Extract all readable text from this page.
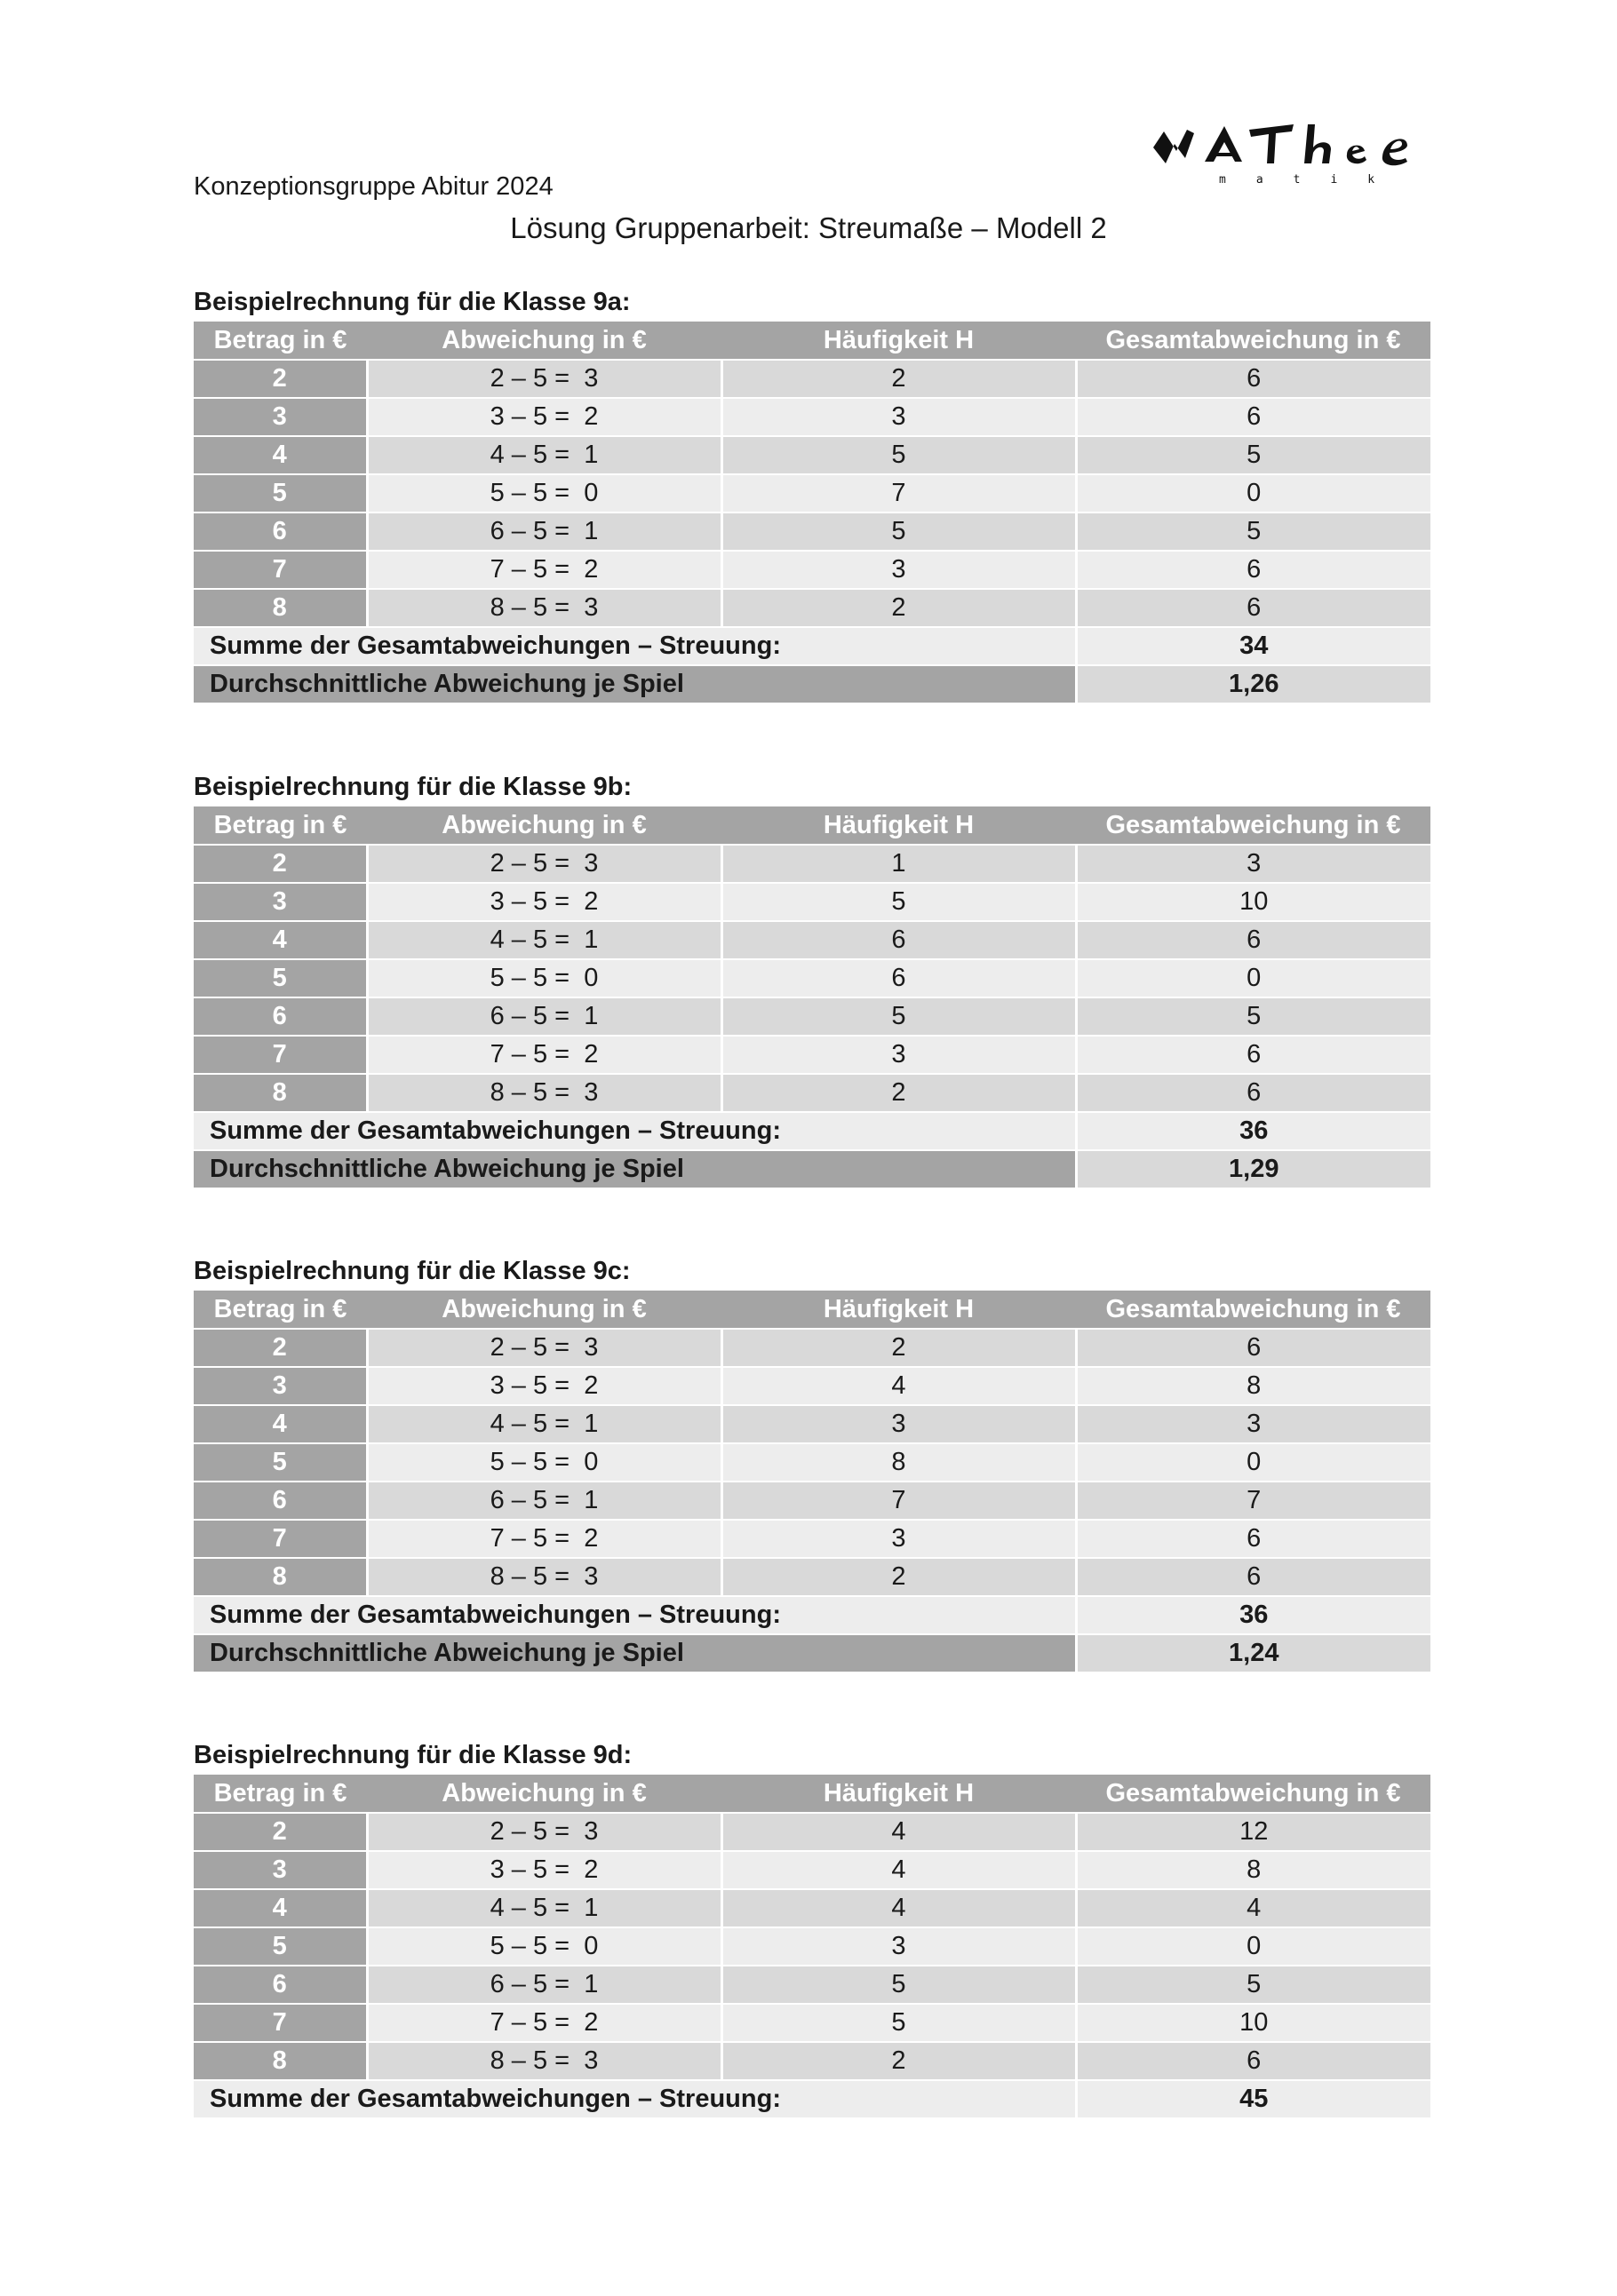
Konzeptionsgruppe Abitur 2024	matik
Lösung Gruppenarbeit: Streumaße – Modell 2
Beispielrechnung für die Klasse 9a:
Betrag in €	Abweichung in €	Häufigkeit H	Gesamtabweichung in €
2	2 – 5 =  3	2	6
3	3 – 5 =  2	3	6
4	4 – 5 =  1	5	5
5	5 – 5 =  0	7	0
6	6 – 5 =  1	5	5
7	7 – 5 =  2	3	6
8	8 – 5 =  3	2	6
Summe der Gesamtabweichungen – Streuung:			34
Durchschnittliche Abweichung je Spiel			1,26
Beispielrechnung für die Klasse 9b:
Betrag in €	Abweichung in €	Häufigkeit H	Gesamtabweichung in €
2	2 – 5 =  3	1	3
3	3 – 5 =  2	5	10
4	4 – 5 =  1	6	6
5	5 – 5 =  0	6	0
6	6 – 5 =  1	5	5
7	7 – 5 =  2	3	6
8	8 – 5 =  3	2	6
Summe der Gesamtabweichungen – Streuung:			36
Durchschnittliche Abweichung je Spiel			1,29
Beispielrechnung für die Klasse 9c:
Betrag in €	Abweichung in €	Häufigkeit H	Gesamtabweichung in €
2	2 – 5 =  3	2	6
3	3 – 5 =  2	4	8
4	4 – 5 =  1	3	3
5	5 – 5 =  0	8	0
6	6 – 5 =  1	7	7
7	7 – 5 =  2	3	6
8	8 – 5 =  3	2	6
Summe der Gesamtabweichungen – Streuung:			36
Durchschnittliche Abweichung je Spiel			1,24
Beispielrechnung für die Klasse 9d:
Betrag in €	Abweichung in €	Häufigkeit H	Gesamtabweichung in €
2	2 – 5 =  3	4	12
3	3 – 5 =  2	4	8
4	4 – 5 =  1	4	4
5	5 – 5 =  0	3	0
6	6 – 5 =  1	5	5
7	7 – 5 =  2	5	10
8	8 – 5 =  3	2	6
Summe der Gesamtabweichungen – Streuung:			45
